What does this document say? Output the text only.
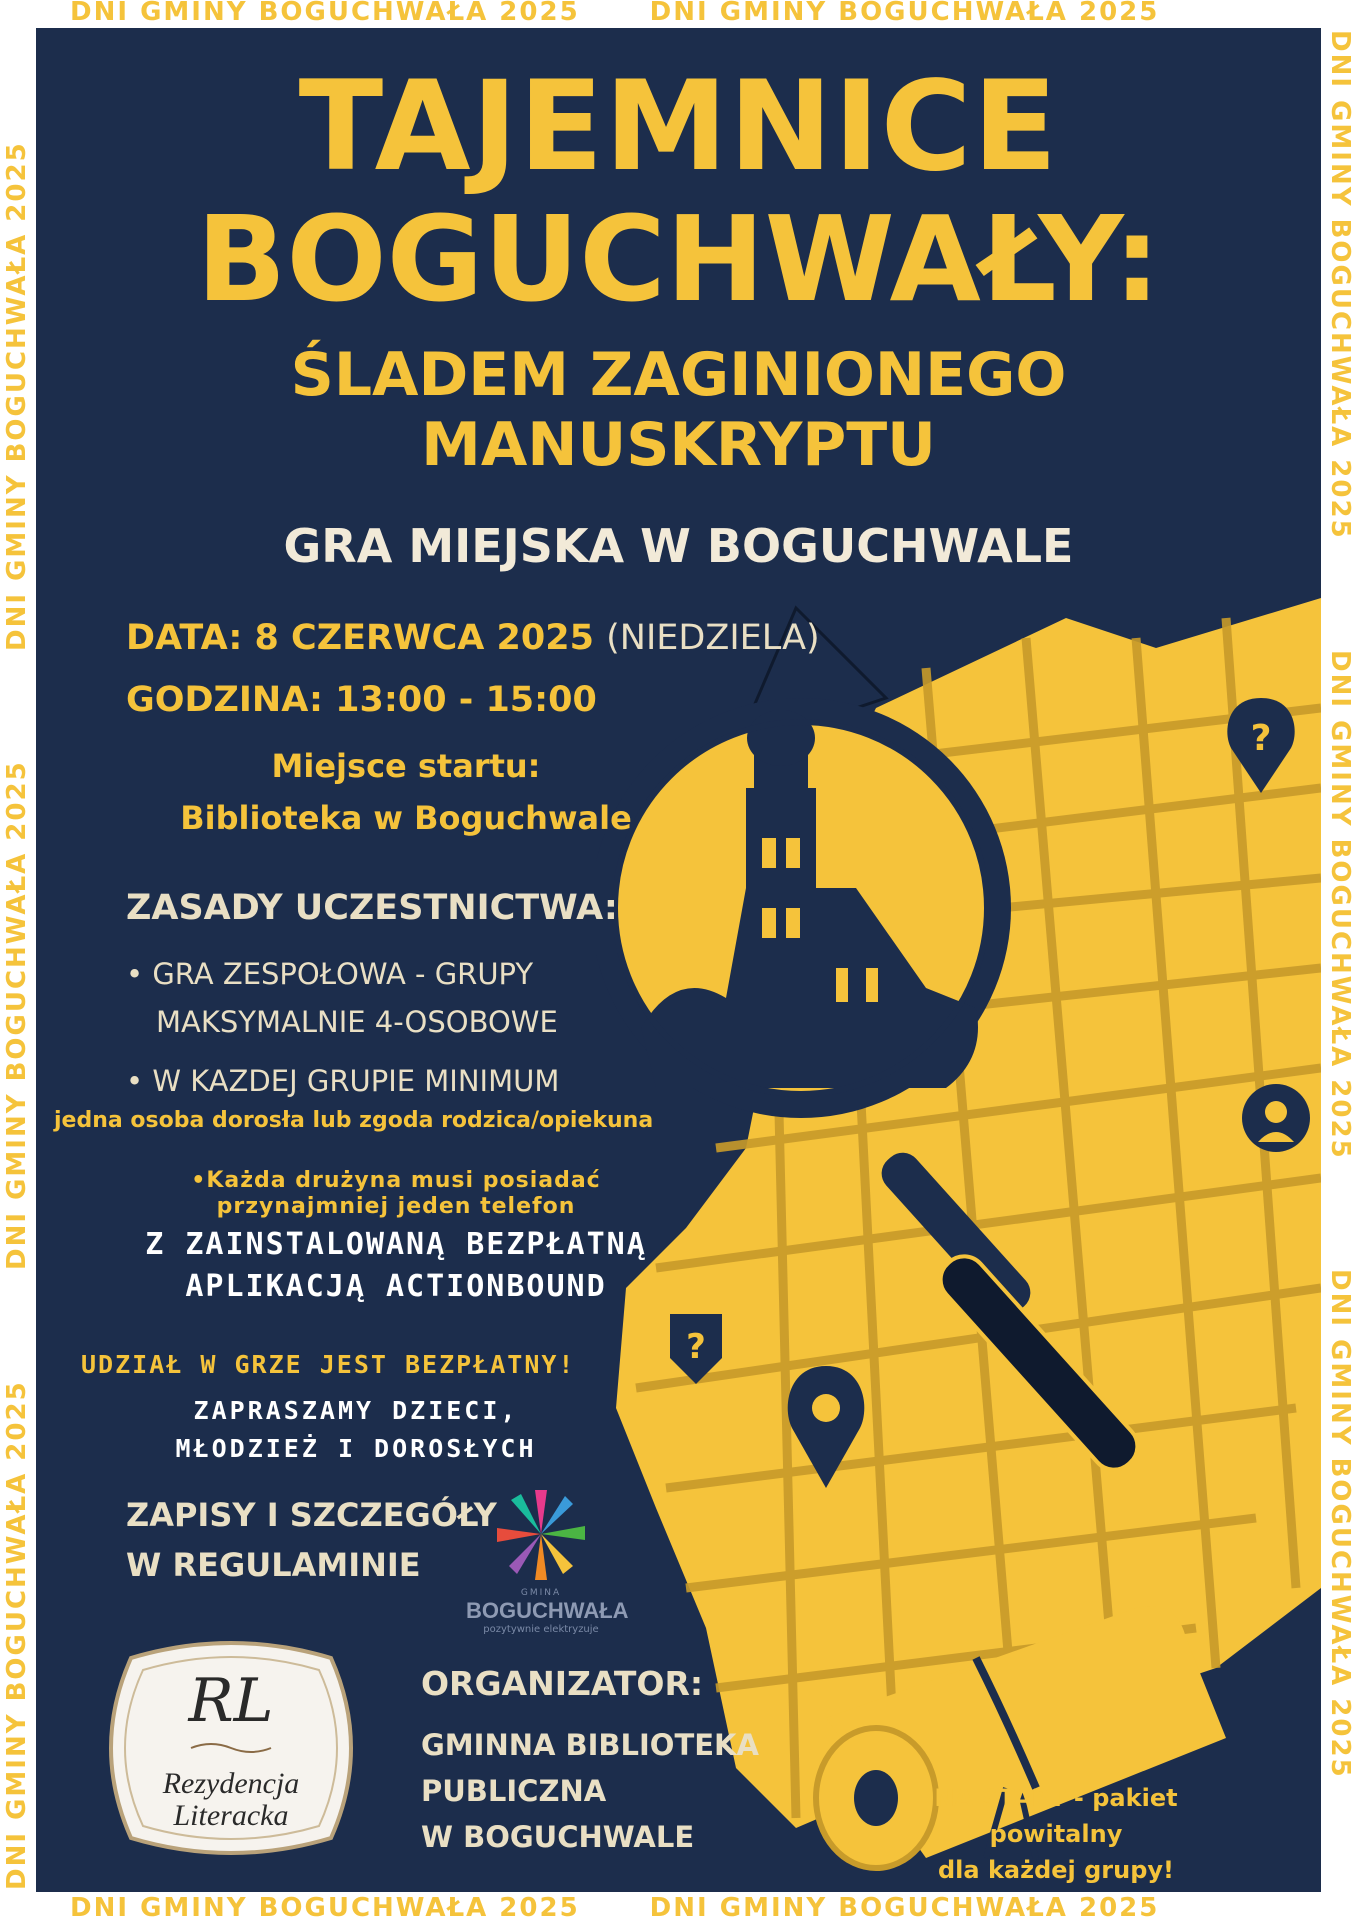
DNI GMINY BOGUCHWAŁA 2025	DNI GMINY BOGUCHWAŁA 2025
DNI GMINY BOGUCHWAŁA 2025	DNI GMINY BOGUCHWAŁA 2025
DNI GMINY BOGUCHWAŁA 2025
DNI GMINY BOGUCHWAŁA 2025
DNI GMINY BOGUCHWAŁA 2025	DNI GMINY BOGUCHWAŁA 2025
DNI GMINY BOGUCHWAŁA 2025
DNI GMINY BOGUCHWAŁA 2025
?
?
TAJEMNICE
BOGUCHWAŁY:
ŚLADEM ZAGINIONEGO
MANUSKRYPTU
GRA MIEJSKA W BOGUCHWALE
DATA: 8 CZERWCA 2025 (NIEDZIELA)
GODZINA: 13:00 - 15:00
Miejsce startu:
Biblioteka w Boguchwale
ZASADY UCZESTNICTWA:
• GRA ZESPOŁOWA - GRUPY
MAKSYMALNIE 4-OSOBOWE
• W KAZDEJ GRUPIE MINIMUM
jedna osoba dorosła lub zgoda rodzica/opiekuna
•Każda drużyna musi posiadać
przynajmniej jeden telefon
Z ZAINSTALOWANĄ BEZPŁATNĄ
APLIKACJĄ ACTIONBOUND
UDZIAŁ W GRZE JEST BEZPŁATNY!
ZAPRASZAMY DZIECI,
MŁODZIEŻ I DOROSŁYCH
ZAPISY I SZCZEGÓŁY
W REGULAMINIE
GMINA
BOGUCHWAŁA
pozytywnie elektryzuje
RL
Rezydencja
Literacka
ORGANIZATOR:
GMINNA BIBLIOTEKA
PUBLICZNA
W BOGUCHWALE
NA START - pakiet powitalny
dla każdej grupy!
